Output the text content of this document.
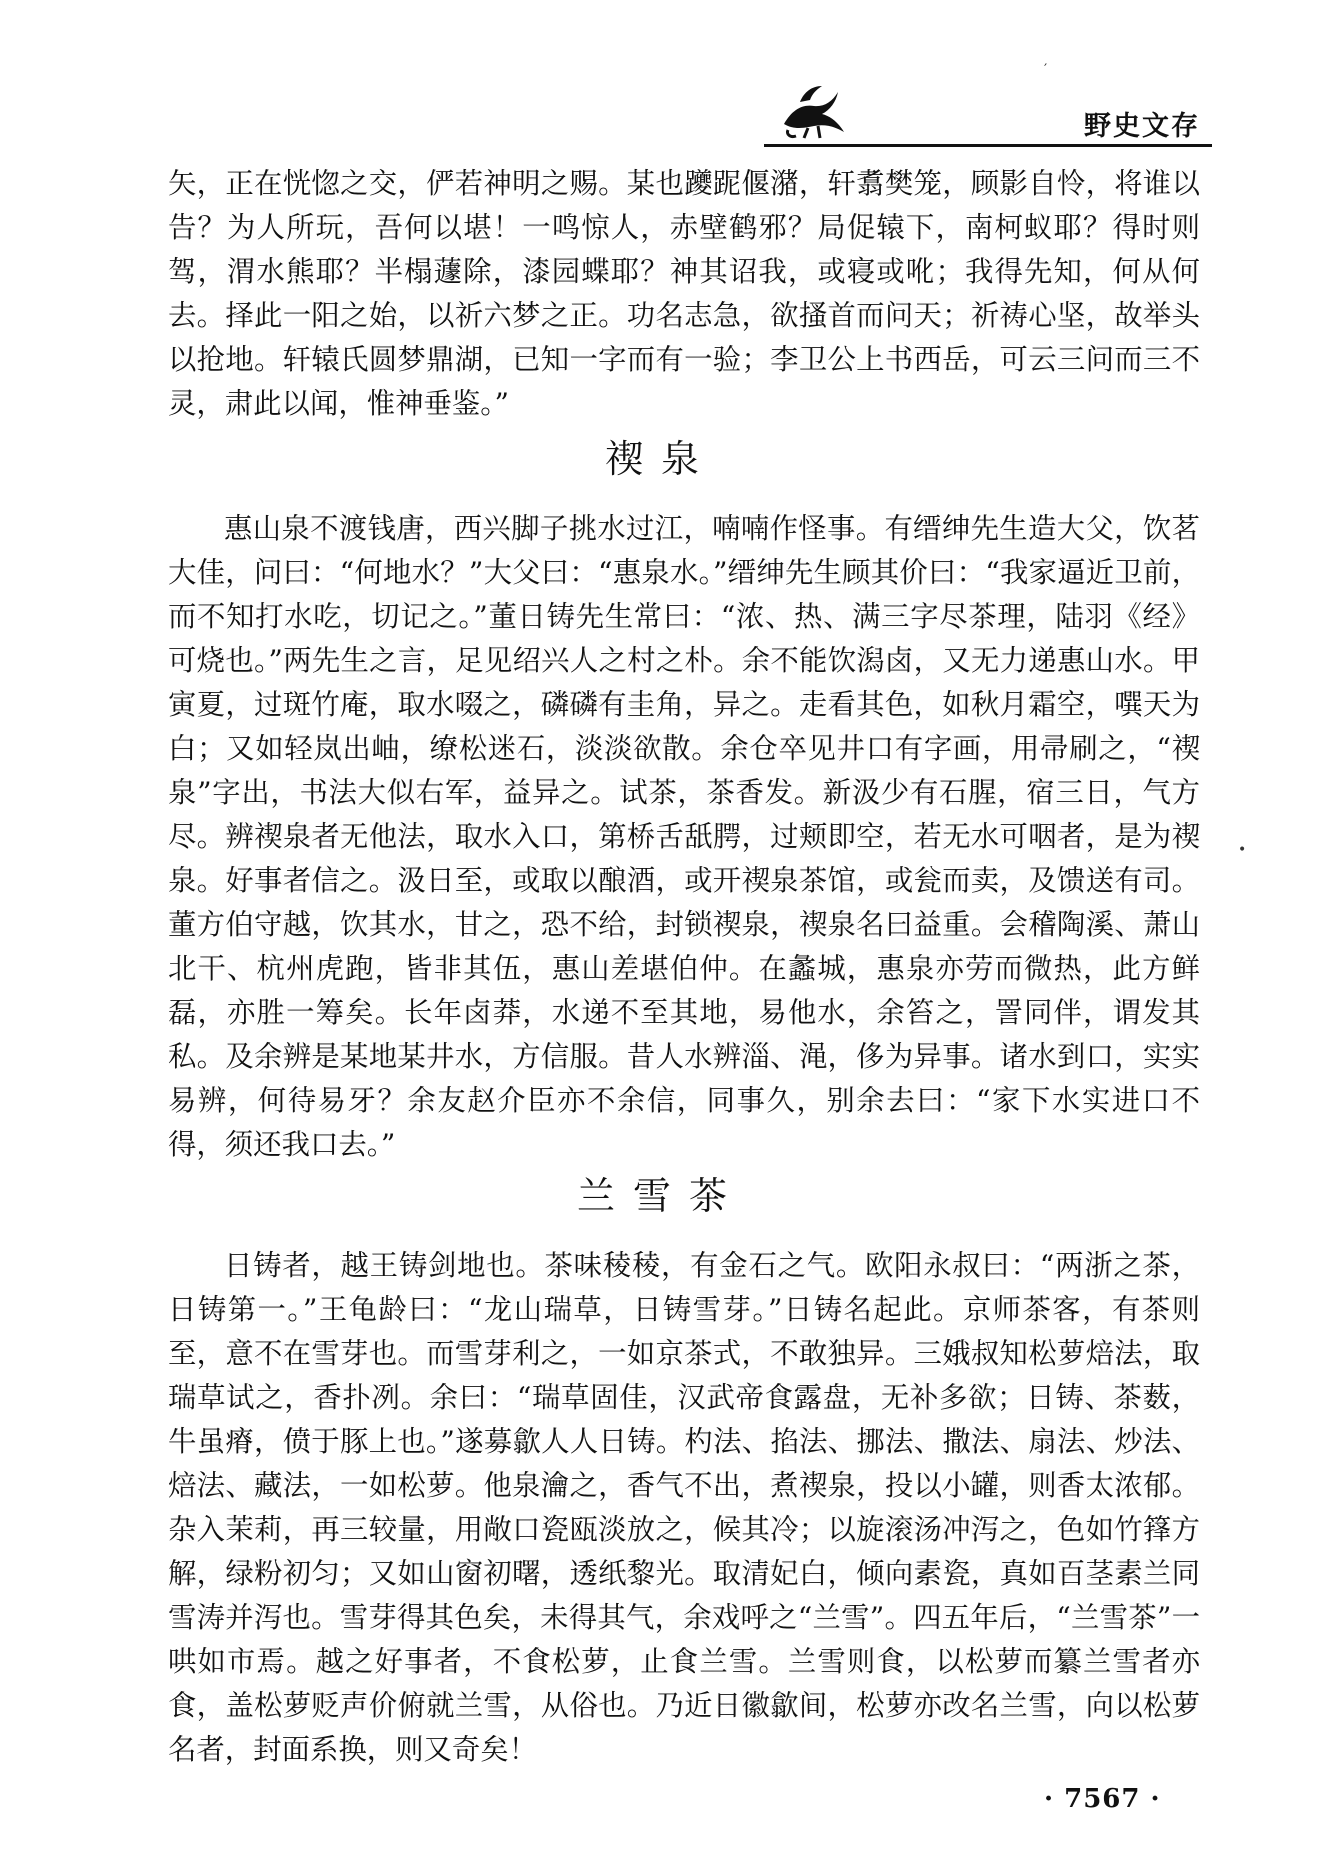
野史文存
′
•

矢，正在恍惚之交，俨若神明之赐。某也躨跜偃潴，轩翥樊笼，顾影自怜，将谁以告？为人所玩，吾何以堪！一鸣惊人，赤壁鹤邪？局促辕下，南柯蚁耶？得时则驾，渭水熊耶？半榻蘧除，漆园蝶耶？神其诏我，或寝或吪；我得先知，何从何去。择此一阳之始，以祈六梦之正。功名志急，欲搔首而问天；祈祷心坚，故举头以抢地。轩辕氏圆梦鼎湖，已知一字而有一验；李卫公上书西岳，可云三问而三不灵，肃此以闻，惟神垂鉴。”

禊泉

惠山泉不渡钱唐，西兴脚子挑水过江，喃喃作怪事。有缙绅先生造大父，饮茗大佳，问曰：“何地水？”大父曰：“惠泉水。”缙绅先生顾其价曰：“我家逼近卫前，而不知打水吃，切记之。”董日铸先生常曰：“浓、热、满三字尽茶理，陆羽《经》可烧也。”两先生之言，足见绍兴人之村之朴。余不能饮潟卤，又无力递惠山水。甲寅夏，过斑竹庵，取水啜之，磷磷有圭角，异之。走看其色，如秋月霜空，噀天为白；又如轻岚出岫，缭松迷石，淡淡欲散。余仓卒见井口有字画，用帚刷之，“禊泉”字出，书法大似右军，益异之。试茶，茶香发。新汲少有石腥，宿三日，气方尽。辨禊泉者无他法，取水入口，第桥舌舐腭，过颊即空，若无水可咽者，是为禊泉。好事者信之。汲日至，或取以酿酒，或开禊泉茶馆，或瓮而卖，及馈送有司。董方伯守越，饮其水，甘之，恐不给，封锁禊泉，禊泉名曰益重。会稽陶溪、萧山北干、杭州虎跑，皆非其伍，惠山差堪伯仲。在蠡城，惠泉亦劳而微热，此方鲜磊，亦胜一筹矣。长年卤莽，水递不至其地，易他水，余笞之，詈同伴，谓发其私。及余辨是某地某井水，方信服。昔人水辨淄、渑，侈为异事。诸水到口，实实易辨，何待易牙？余友赵介臣亦不余信，同事久，别余去曰：“家下水实进口不得，须还我口去。”

兰雪茶

日铸者，越王铸剑地也。茶味稜稜，有金石之气。欧阳永叔曰：“两浙之茶，日铸第一。”王龟龄曰：“龙山瑞草，日铸雪芽。”日铸名起此。京师茶客，有茶则至，意不在雪芽也。而雪芽利之，一如京茶式，不敢独异。三娥叔知松萝焙法，取瑞草试之，香扑冽。余曰：“瑞草固佳，汉武帝食露盘，无补多欲；日铸、茶薮，牛虽瘠，偾于豚上也。”遂募歙人人日铸。杓法、掐法、挪法、撒法、扇法、炒法、焙法、藏法，一如松萝。他泉瀹之，香气不出，煮禊泉，投以小罐，则香太浓郁。杂入茉莉，再三较量，用敞口瓷瓯淡放之，候其冷；以旋滚汤冲泻之，色如竹箨方解，绿粉初匀；又如山窗初曙，透纸黎光。取清妃白，倾向素瓷，真如百茎素兰同雪涛并泻也。雪芽得其色矣，未得其气，余戏呼之“兰雪”。四五年后，“兰雪茶”一哄如市焉。越之好事者，不食松萝，止食兰雪。兰雪则食，以松萝而纂兰雪者亦食，盖松萝贬声价俯就兰雪，从俗也。乃近日徽歙间，松萝亦改名兰雪，向以松萝名者，封面系换，则又奇矣！

· 7567 ·
